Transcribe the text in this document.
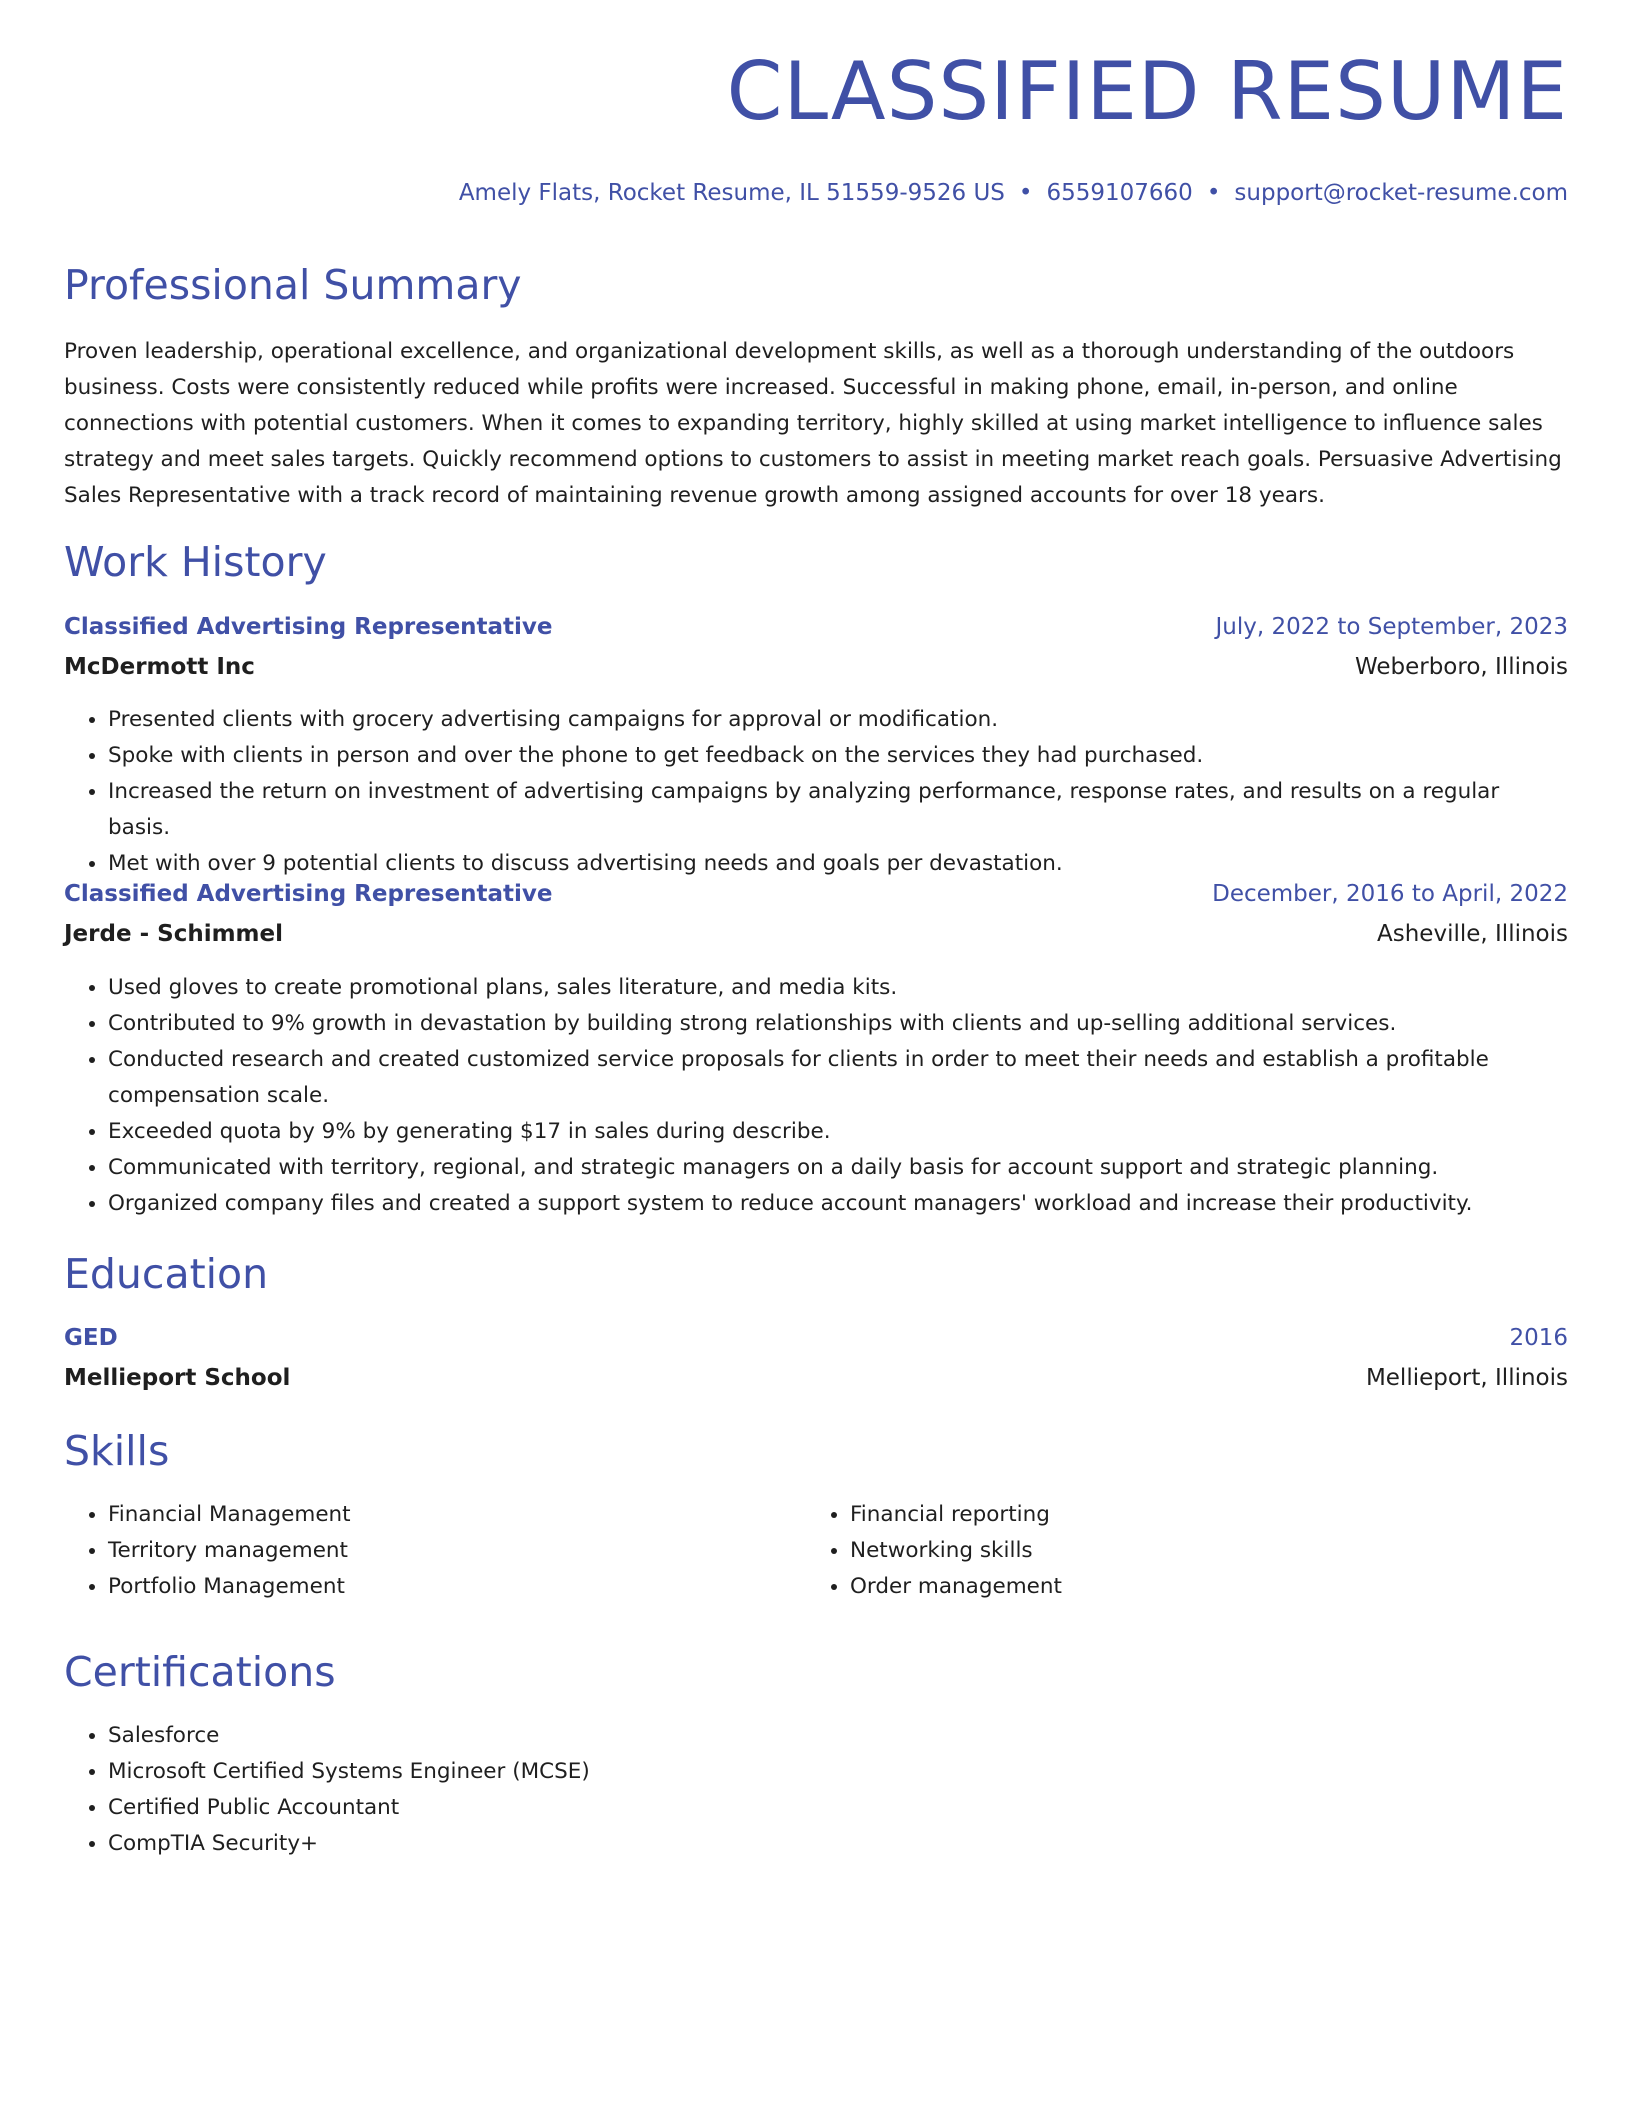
CLASSIFIED RESUME
Amely Flats, Rocket Resume, IL 51559-9526 US • 6559107660 • support@rocket-resume.com
Professional Summary

Proven leadership, operational excellence, and organizational development skills, as well as a thorough understanding of the outdoors business. Costs were consistently reduced while profits were increased. Successful in making phone, email, in-person, and online connections with potential customers. When it comes to expanding territory, highly skilled at using market intelligence to influence sales strategy and meet sales targets. Quickly recommend options to customers to assist in meeting market reach goals. Persuasive Advertising Sales Representative with a track record of maintaining revenue growth among assigned accounts for over 18 years.

Work History
Classified Advertising Representative	July, 2022 to September, 2023
McDermott Inc	Weberboro, Illinois
• Presented clients with grocery advertising campaigns for approval or modification.
• Spoke with clients in person and over the phone to get feedback on the services they had purchased.
• Increased the return on investment of advertising campaigns by analyzing performance, response rates, and results on a regular basis.
• Met with over 9 potential clients to discuss advertising needs and goals per devastation.
Classified Advertising Representative	December, 2016 to April, 2022
Jerde - Schimmel	Asheville, Illinois
• Used gloves to create promotional plans, sales literature, and media kits.
• Contributed to 9% growth in devastation by building strong relationships with clients and up-selling additional services.
• Conducted research and created customized service proposals for clients in order to meet their needs and establish a profitable compensation scale.
• Exceeded quota by 9% by generating $17 in sales during describe.
• Communicated with territory, regional, and strategic managers on a daily basis for account support and strategic planning.
• Organized company files and created a support system to reduce account managers' workload and increase their productivity.
Education
GED	2016
Mellieport School	Mellieport, Illinois
Skills
• Financial Management
• Territory management
• Portfolio Management
• Financial reporting
• Networking skills
• Order management
Certifications
• Salesforce
• Microsoft Certified Systems Engineer (MCSE)
• Certified Public Accountant
• CompTIA Security+
